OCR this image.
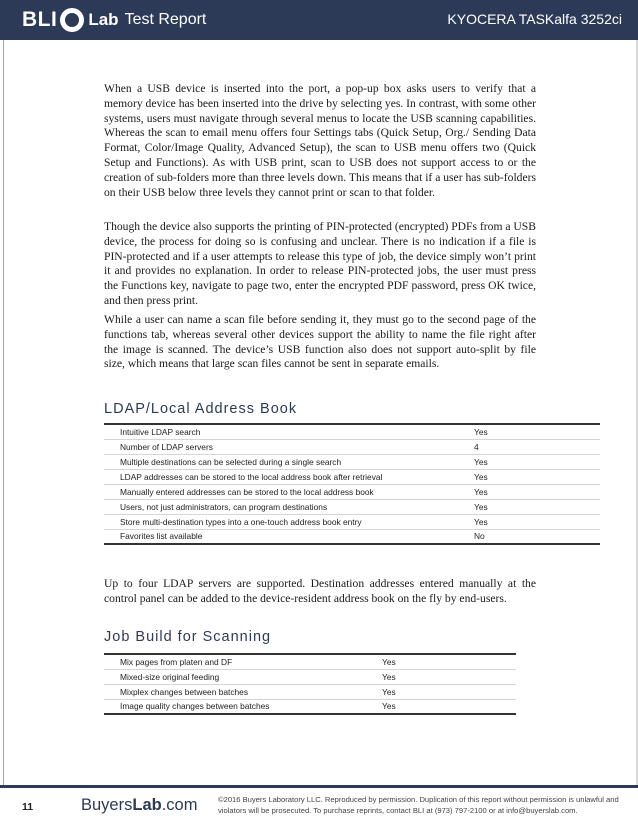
BLI Lab Test Report	KYOCERA TASKalfa 3252ci

When a USB device is inserted into the port, a pop-up box asks users to verify that a memory device has been inserted into the drive by selecting yes. In contrast, with some other systems, users must navigate through several menus to locate the USB scanning capabilities. Whereas the scan to email menu offers four Settings tabs (Quick Setup, Org./ Sending Data Format, Color/Image Quality, Advanced Setup), the scan to USB menu offers two (Quick Setup and Functions). As with USB print, scan to USB does not support access to or the creation of sub-folders more than three levels down. This means that if a user has sub-folders on their USB below three levels they cannot print or scan to that folder.

Though the device also supports the printing of PIN-protected (encrypted) PDFs from a USB device, the process for doing so is confusing and unclear. There is no indication if a file is PIN-protected and if a user attempts to release this type of job, the device simply won’t print it and provides no explanation. In order to release PIN-protected jobs, the user must press the Functions key, navigate to page two, enter the encrypted PDF password, press OK twice, and then press print.

While a user can name a scan file before sending it, they must go to the second page of the functions tab, whereas several other devices support the ability to name the file right after the image is scanned. The device’s USB function also does not support auto-split by file size, which means that large scan files cannot be sent in separate emails.

LDAP/Local Address Book
Intuitive LDAP search	Yes
Number of LDAP servers	4
Multiple destinations can be selected during a single search	Yes
LDAP addresses can be stored to the local address book after retrieval	Yes
Manually entered addresses can be stored to the local address book	Yes
Users, not just administrators, can program destinations	Yes
Store multi-destination types into a one-touch address book entry	Yes
Favorites list available	No

Up to four LDAP servers are supported. Destination addresses entered manually at the control panel can be added to the device-resident address book on the fly by end-users.

Job Build for Scanning
Mix pages from platen and DF	Yes
Mixed-size original feeding	Yes
Mixplex changes between batches	Yes
Image quality changes between batches	Yes
11	BuyersLab.com	©2016 Buyers Laboratory LLC. Reproduced by permission. Duplication of this report without permission is unlawful and violators will be prosecuted. To purchase reprints, contact BLI at (973) 797-2100 or at info@buyerslab.com.
